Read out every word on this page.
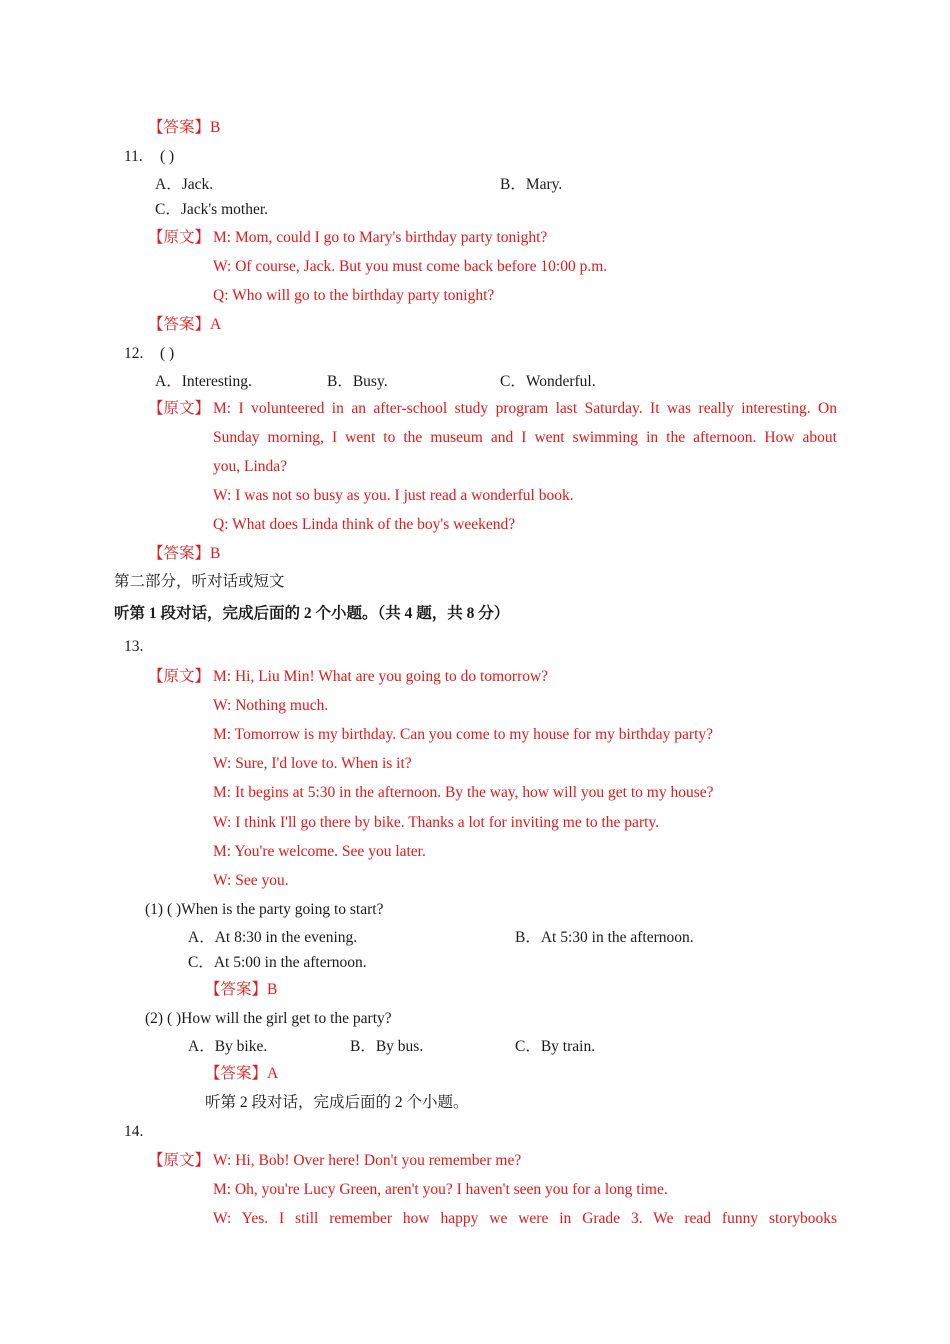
【答案】B
11. ( )
A．Jack.	B．Mary.
C．Jack's mother.
【原文】 M: Mom, could I go to Mary's birthday party tonight?
W: Of course, Jack. But you must come back before 10:00 p.m.
Q: Who will go to the birthday party tonight?
【答案】A
12. ( )
A．Interesting.	B．Busy.	C．Wonderful.
【原文】 M: I volunteered in an after-school study program last Saturday. It was really interesting. On
Sunday morning, I went to the museum and I went swimming in the afternoon. How about
you, Linda?
W: I was not so busy as you. I just read a wonderful book.
Q: What does Linda think of the boy's weekend?
【答案】B
第二部分，听对话或短文
听第 1 段对话，完成后面的 2 个小题。（共 4 题，共 8 分）
13.
【原文】 M: Hi, Liu Min! What are you going to do tomorrow?
W: Nothing much.
M: Tomorrow is my birthday. Can you come to my house for my birthday party?
W: Sure, I'd love to. When is it?
M: It begins at 5:30 in the afternoon. By the way, how will you get to my house?
W: I think I'll go there by bike. Thanks a lot for inviting me to the party.
M: You're welcome. See you later.
W: See you.
(1) ( )When is the party going to start?
A．At 8:30 in the evening.	B．At 5:30 in the afternoon.
C．At 5:00 in the afternoon.
【答案】B
(2) ( )How will the girl get to the party?
A．By bike.	B．By bus.	C．By train.
【答案】A
听第 2 段对话，完成后面的 2 个小题。
14.
【原文】 W: Hi, Bob! Over here! Don't you remember me?
M: Oh, you're Lucy Green, aren't you? I haven't seen you for a long time.
W: Yes. I still remember how happy we were in Grade 3. We read funny storybooks
